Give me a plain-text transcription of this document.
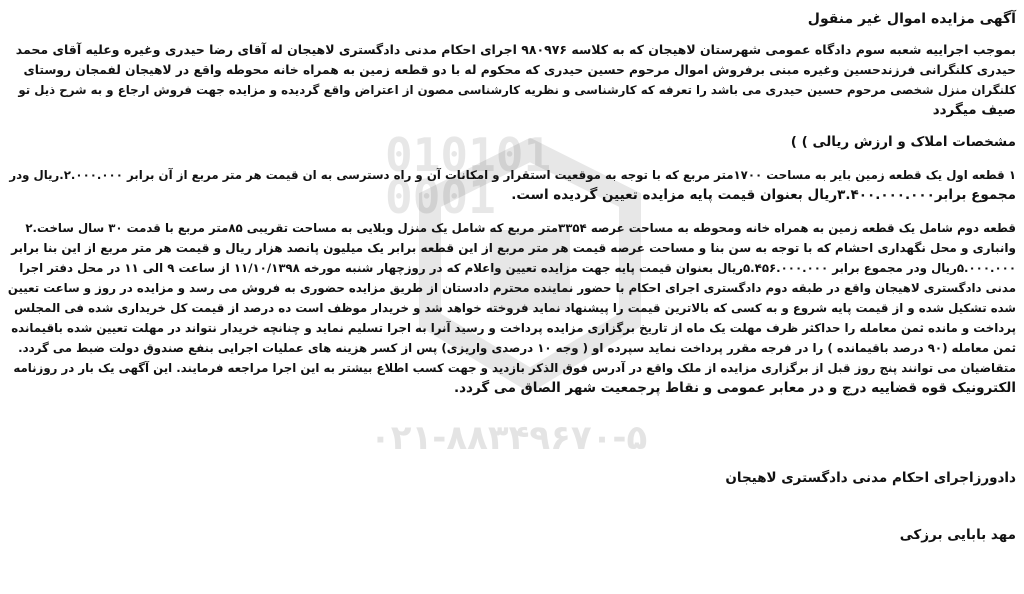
010101
0001
۰۲۱-۸۸۳۴۹۶۷۰-۵
آگهی مزایده اموال غیر منقول
بموجب اجراییه شعبه سوم دادگاه عمومی شهرستان لاهیجان که به کلاسه ۹۸۰۹۷۶ اجرای احکام مدنی دادگستری لاهیجان له آقای رضا حیدری وغیره وعلیه آقای محمد
حیدری کلنگرانی فرزندحسین وغیره مبنی برفروش اموال مرحوم حسین حیدری که محکوم له با دو قطعه زمین به همراه خانه محوطه واقع در لاهیجان لفمجان روستای
کلنگران منزل شخصی مرحوم حسین حیدری می باشد را تعرفه که کارشناسی و نظریه کارشناسی مصون از اعتراض واقع گردیده و مزایده جهت فروش ارجاع و به شرح ذیل تو
صیف میگردد
مشخصات املاک و ارزش ریالی ) )
۱ قطعه اول یک قطعه زمین بایر به مساحت ۱۷۰۰متر مربع که با توجه به موقعیت استقرار و امکانات آن و راه دسترسی به ان قیمت هر متر مربع از آن برابر ۲.۰۰۰.۰۰۰.ریال ودر
مجموع برابر۳.۴۰۰.۰۰۰.۰۰۰ریال بعنوان قیمت پایه مزایده تعیین گردیده است.
قطعه دوم شامل یک قطعه زمین به همراه خانه ومحوطه به مساحت عرصه ۳۳۵۴متر مربع که شامل یک منزل وبلایی به مساحت تقریبی ۸۵متر مربع با قدمت ۳۰ سال ساخت.۲
وانباری و محل نگهداری احشام که با توجه به سن بنا و مساحت عرصه قیمت هر متر مربع از این قطعه برابر یک میلیون پانصد هزار ریال و قیمت هر متر مربع از این بنا برابر
۵.۰۰۰.۰۰۰ریال ودر مجموع برابر ۵.۴۵۶.۰۰۰.۰۰۰ریال بعنوان قیمت پایه جهت مزایده تعیین واعلام که در روزچهار شنبه مورخه ۱۱/۱۰/۱۳۹۸ از ساعت ۹ الی ۱۱ در محل دفتر اجرا
مدنی دادگستری لاهیجان واقع در طبقه دوم دادگستری اجرای احکام با حضور نماینده محترم دادستان از طریق مزایده حضوری به فروش می رسد و مزایده در روز و ساعت تعیین
شده تشکیل شده و از قیمت پایه شروع و به کسی که بالاترین قیمت را پیشنهاد نماید فروخته خواهد شد و خریدار موظف است ده درصد از قیمت کل خریداری شده فی المجلس
پرداخت و مانده ثمن معامله را حداکثر ظرف مهلت یک ماه از تاریخ برگزاری مزایده پرداخت و رسید آنرا به اجرا تسلیم نماید و چنانچه خریدار نتواند در مهلت تعیین شده باقیمانده
ثمن معامله (۹۰ درصد باقیمانده ) را در فرجه مقرر پرداخت نماید سپرده او ( وجه ۱۰ درصدی واریزی) پس از کسر هزینه های عملیات اجرایی بنفع صندوق دولت ضبط می گردد.
متقاضیان می توانند پنج روز قبل از برگزاری مزایده از ملک واقع در آدرس فوق الذکر بازدید و جهت کسب اطلاع بیشتر به این اجرا مراجعه فرمایند. این آگهی یک بار در روزنامه
الکترونیک قوه قضاییه درج و در معابر عمومی و نقاط پرجمعیت شهر الصاق می گردد.
دادورزاجرای احکام مدنی دادگستری لاهیجان
مهد بابایی برزکی
